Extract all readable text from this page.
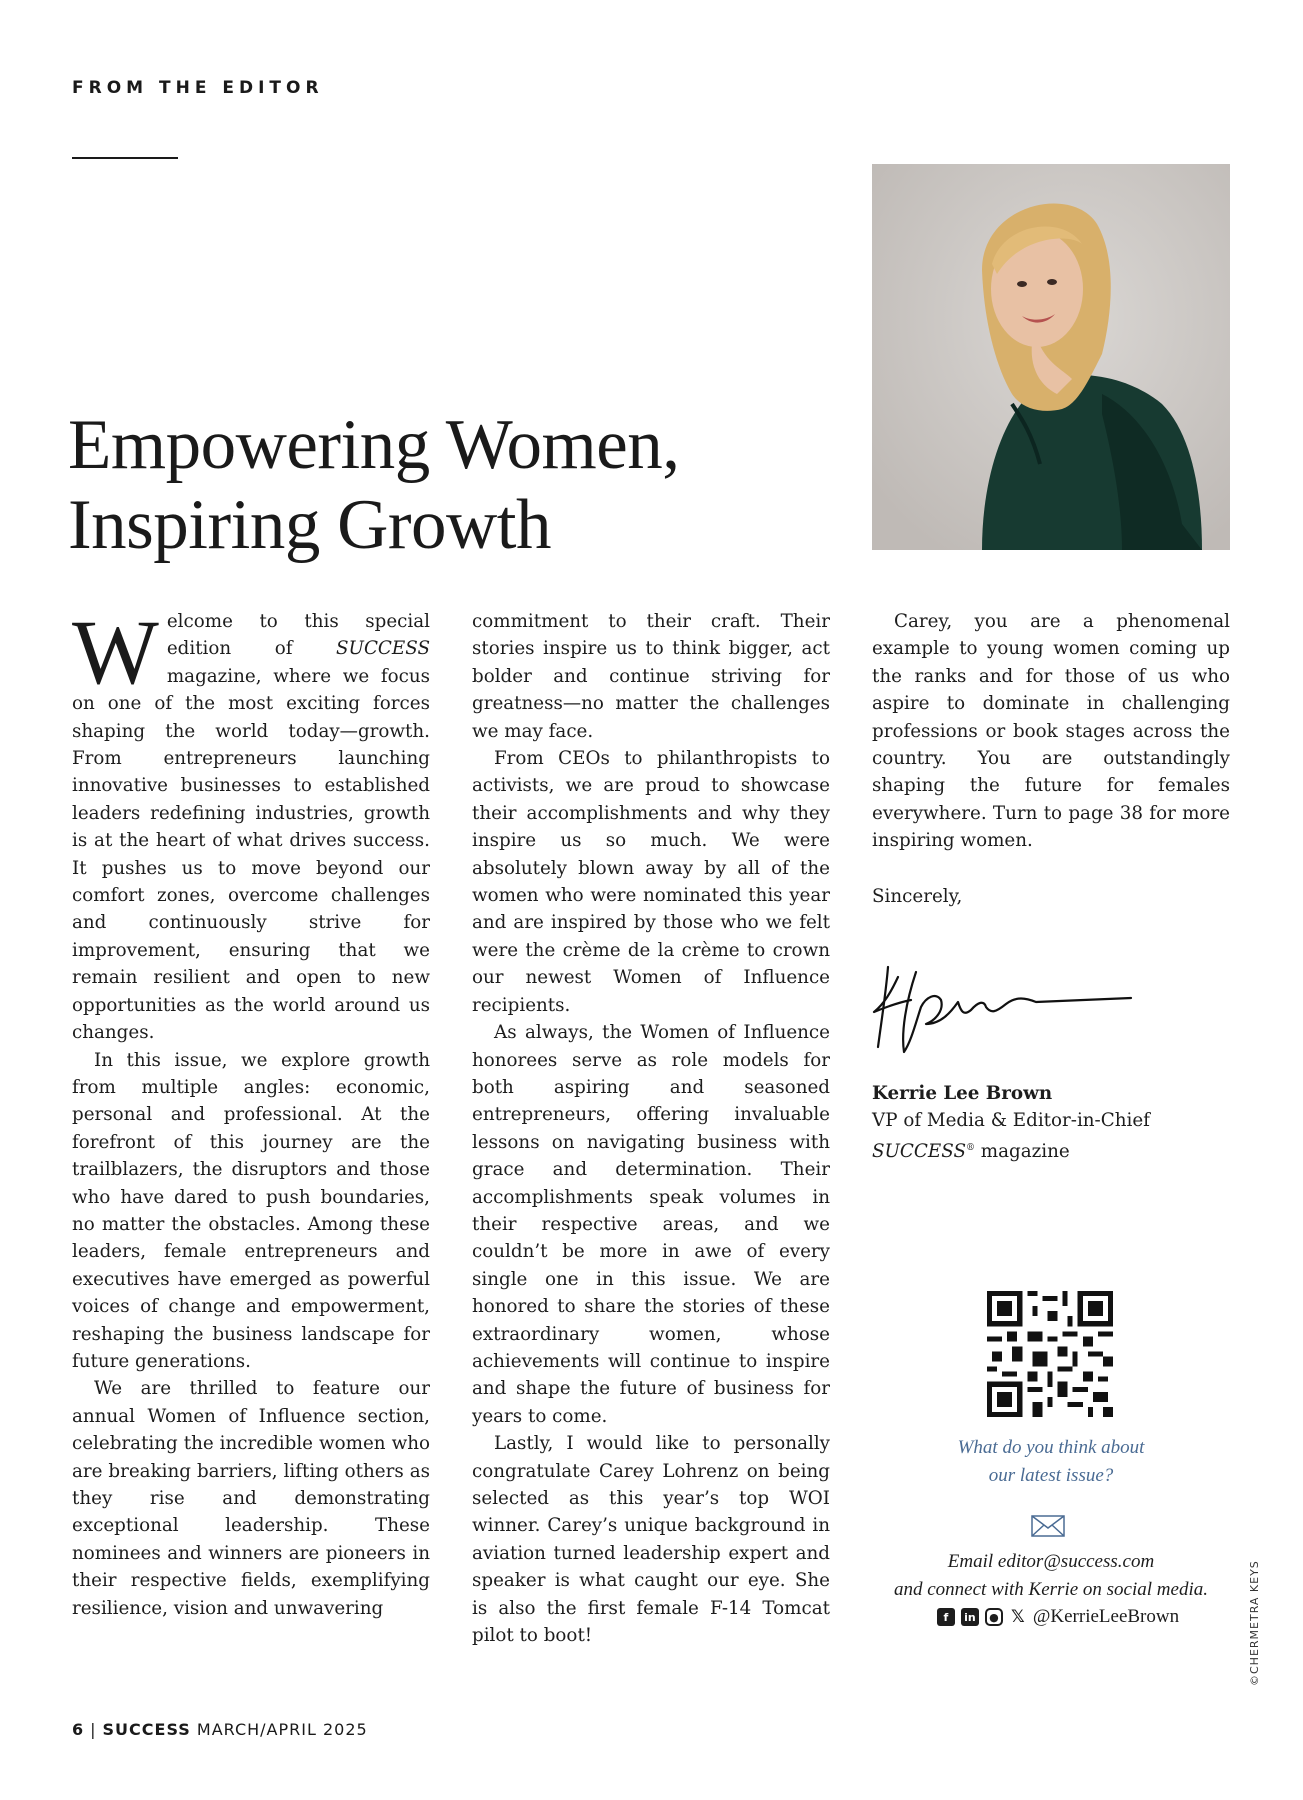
FROM THE EDITOR
Empowering Women,
Inspiring Growth

Welcome to this special edition of SUCCESS magazine, where we focus on one of the most exciting forces shaping the world today—growth. From entrepreneurs launching innovative businesses to established leaders redefining industries, growth is at the heart of what drives success. It pushes us to move beyond our comfort zones, overcome challenges and continuously strive for improvement, ensuring that we remain resilient and open to new opportunities as the world around us changes.

In this issue, we explore growth from multiple angles: economic, personal and professional. At the forefront of this journey are the trailblazers, the disruptors and those who have dared to push boundaries, no matter the obstacles. Among these leaders, female entrepreneurs and executives have emerged as powerful voices of change and empowerment, reshaping the business landscape for future generations.

We are thrilled to feature our annual Women of Influence section, celebrating the incredible women who are breaking barriers, lifting others as they rise and demonstrating exceptional leadership. These nominees and winners are pioneers in their respective fields, exemplifying resilience, vision and unwavering

commitment to their craft. Their stories inspire us to think bigger, act bolder and continue striving for greatness—no matter the challenges we may face.

From CEOs to philanthropists to activists, we are proud to showcase their accomplishments and why they inspire us so much. We were absolutely blown away by all of the women who were nominated this year and are inspired by those who we felt were the crème de la crème to crown our newest Women of Influence recipients.

As always, the Women of Influence honorees serve as role models for both aspiring and seasoned entrepreneurs, offering invaluable lessons on navigating business with grace and determination. Their accomplishments speak volumes in their respective areas, and we couldn’t be more in awe of every single one in this issue. We are honored to share the stories of these extraordinary women, whose achievements will continue to inspire and shape the future of business for years to come.

Lastly, I would like to personally congratulate Carey Lohrenz on being selected as this year’s top WOI winner. Carey’s unique background in aviation turned leadership expert and speaker is what caught our eye. She is also the first female F-14 Tomcat pilot to boot!

Carey, you are a phenomenal example to young women coming up the ranks and for those of us who aspire to dominate in challenging professions or book stages across the country. You are outstandingly shaping the future for females everywhere. Turn to page 38 for more inspiring women.

Sincerely,

Kerrie Lee Brown
VP of Media & Editor-in-Chief
SUCCESS® magazine
What do you think about
our latest issue?
Email editor@success.com
and connect with Kerrie on social media.
f	in	● 𝕏 @KerrieLeeBrown	©CHERMETRA KEYS
6 | SUCCESS MARCH/APRIL 2025
